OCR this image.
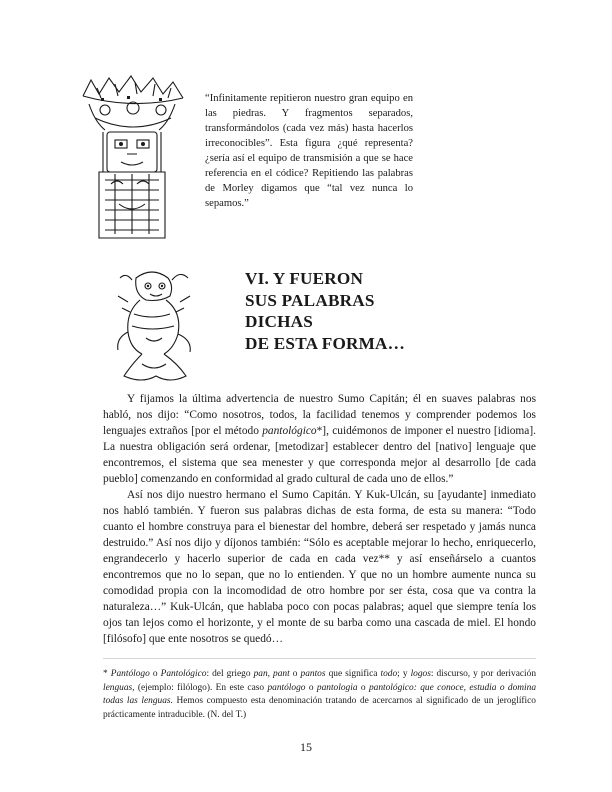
“Infinitamente repitieron nuestro gran equipo en las piedras. Y fragmentos separados, transformándolos (cada vez más) hasta hacerlos irreconocibles”. Esta figura ¿qué representa? ¿sería así el equipo de transmisión a que se hace referencia en el códice? Repitiendo las palabras de Morley digamos que “tal vez nunca lo sepamos.”
VI. Y FUERON
SUS PALABRAS
DICHAS
DE ESTA FORMA…

Y fijamos la última advertencia de nuestro Sumo Capitán; él en suaves palabras nos habló, nos dijo: “Como nosotros, todos, la facilidad tenemos y comprender podemos los lenguajes extraños [por el método pantológico*], cuidémonos de imponer el nuestro [idioma]. La nuestra obligación será ordenar, [metodizar] establecer dentro del [nativo] lenguaje que encontremos, el sistema que sea menester y que corresponda mejor al desarrollo [de cada pueblo] comenzando en conformidad al grado cultural de cada uno de ellos.”

Así nos dijo nuestro hermano el Sumo Capitán. Y Kuk-Ulcán, su [ayudante] inmediato nos habló también. Y fueron sus palabras dichas de esta forma, de esta su manera: “Todo cuanto el hombre construya para el bienestar del hombre, deberá ser respetado y jamás nunca destruido.” Así nos dijo y díjonos también: “Sólo es aceptable mejorar lo hecho, enriquecerlo, engrandecerlo y hacerlo superior de cada en cada vez** y así enseñárselo a cuantos encontremos que no lo sepan, que no lo entienden. Y que no un hombre aumente nunca su comodidad propia con la incomodidad de otro hombre por ser ésta, cosa que va contra la naturaleza…” Kuk-Ulcán, que hablaba poco con pocas palabras; aquel que siempre tenía los ojos tan lejos como el horizonte, y el monte de su barba como una cascada de miel. El hondo [filósofo] que ente nosotros se quedó…

* Pantólogo o Pantológico: del griego pan, pant o pantos que significa todo; y logos: discurso, y por derivación lenguas, (ejemplo: filólogo). En este caso pantólogo o pantologia o pantológico: que conoce, estudia o domina todas las lenguas. Hemos compuesto esta denominación tratando de acercarnos al significado de un jeroglífico prácticamente intraducible. (N. del T.)
15
